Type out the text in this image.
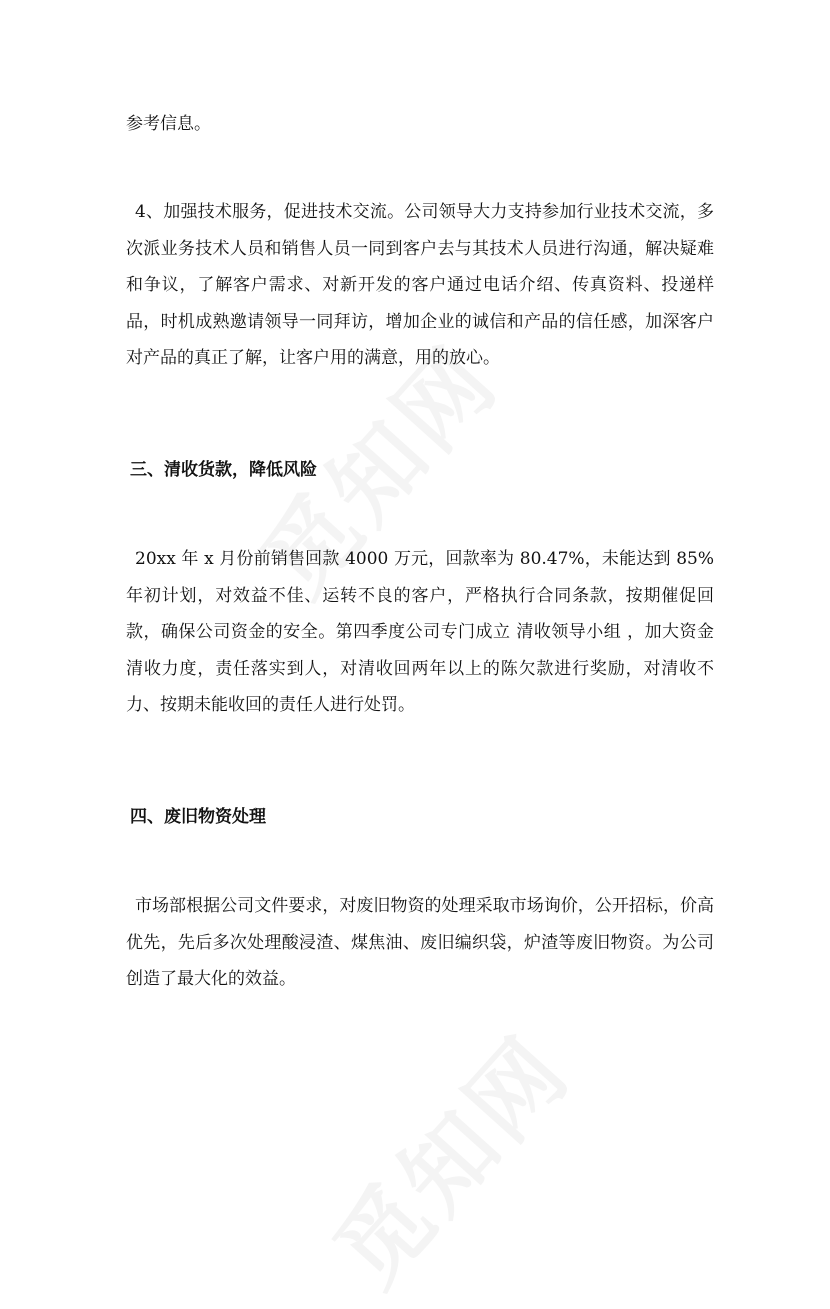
参考信息。
4、加强技术服务，促进技术交流。公司领导大力支持参加行业技术交流，多次派业务技术人员和销售人员一同到客户去与其技术人员进行沟通，解决疑难和争议，了解客户需求、对新开发的客户通过电话介绍、传真资料、投递样品，时机成熟邀请领导一同拜访，增加企业的诚信和产品的信任感，加深客户对产品的真正了解，让客户用的满意，用的放心。
三、清收货款，降低风险
20xx 年 x 月份前销售回款 4000 万元，回款率为 80.47%，未能达到 85%年初计划，对效益不佳、运转不良的客户，严格执行合同条款，按期催促回款，确保公司资金的安全。第四季度公司专门成立 清收领导小组 ，加大资金清收力度，责任落实到人，对清收回两年以上的陈欠款进行奖励，对清收不力、按期未能收回的责任人进行处罚。
四、废旧物资处理
市场部根据公司文件要求，对废旧物资的处理采取市场询价，公开招标，价高优先，先后多次处理酸浸渣、煤焦油、废旧编织袋，炉渣等废旧物资。为公司创造了最大化的效益。
